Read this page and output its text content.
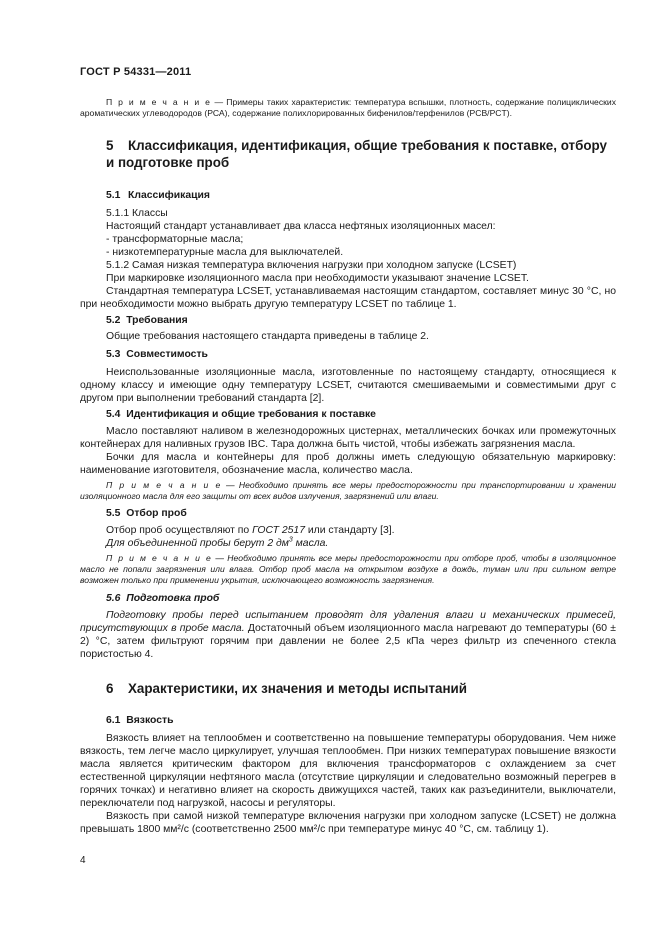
ГОСТ Р 54331—2011

П р и м е ч а н и е — Примеры таких характеристик: температура вспышки, плотность, содержание полициклических ароматических углеводородов (РСА), содержание полихлорированных бифенилов/терфенилов (PCB/PCT).

5 Классификация, идентификация, общие требования к поставке, отбору и подготовке проб
5.1 Классификация

5.1.1 Классы

Настоящий стандарт устанавливает два класса нефтяных изоляционных масел:

- трансформаторные масла;

- низкотемпературные масла для выключателей.

5.1.2 Самая низкая температура включения нагрузки при холодном запуске (LCSET)

При маркировке изоляционного масла при необходимости указывают значение LCSET.

Стандартная температура LCSET, устанавливаемая настоящим стандартом, составляет минус 30 °С, но при необходимости можно выбрать другую температуру LCSET по таблице 1.

5.2 Требования

Общие требования настоящего стандарта приведены в таблице 2.

5.3 Совместимость

Неиспользованные изоляционные масла, изготовленные по настоящему стандарту, относящиеся к одному классу и имеющие одну температуру LCSET, считаются смешиваемыми и совместимыми друг с другом при выполнении требований стандарта [2].

5.4 Идентификация и общие требования к поставке

Масло поставляют наливом в железнодорожных цистернах, металлических бочках или промежуточных контейнерах для наливных грузов IBC. Тара должна быть чистой, чтобы избежать загрязнения масла.

Бочки для масла и контейнеры для проб должны иметь следующую обязательную маркировку: наименование изготовителя, обозначение масла, количество масла.

П р и м е ч а н и е — Необходимо принять все меры предосторожности при транспортировании и хранении изоляционного масла для его защиты от всех видов излучения, загрязнений или влаги.

5.5 Отбор проб

Отбор проб осуществляют по ГОСТ 2517 или стандарту [3].

Для объединенной пробы берут 2 $дм^3$ масла.

П р и м е ч а н и е — Необходимо принять все меры предосторожности при отборе проб, чтобы в изоляционное масло не попали загрязнения или влага. Отбор проб масла на открытом воздухе в дождь, туман или при сильном ветре возможен только при применении укрытия, исключающего возможность загрязнения.

5.6 Подготовка проб

Подготовку пробы перед испытанием проводят для удаления влаги и механических примесей, присутствующих в пробе масла. Достаточный объем изоляционного масла нагревают до температуры (60 ± 2) °С, затем фильтруют горячим при давлении не более 2,5 кПа через фильтр из спеченного стекла пористостью 4.

6 Характеристики, их значения и методы испытаний
6.1 Вязкость

Вязкость влияет на теплообмен и соответственно на повышение температуры оборудования. Чем ниже вязкость, тем легче масло циркулирует, улучшая теплообмен. При низких температурах повышение вязкости масла является критическим фактором для включения трансформаторов с охлаждением за счет естественной циркуляции нефтяного масла (отсутствие циркуляции и следовательно возможный перегрев в горячих точках) и негативно влияет на скорость движущихся частей, таких как разъединители, выключатели, переключатели под нагрузкой, насосы и регуляторы.

Вязкость при самой низкой температуре включения нагрузки при холодном запуске (LCSET) не должна превышать 1800 мм²/с (соответственно 2500 мм²/с при температуре минус 40 °С, см. таблицу 1).

4
